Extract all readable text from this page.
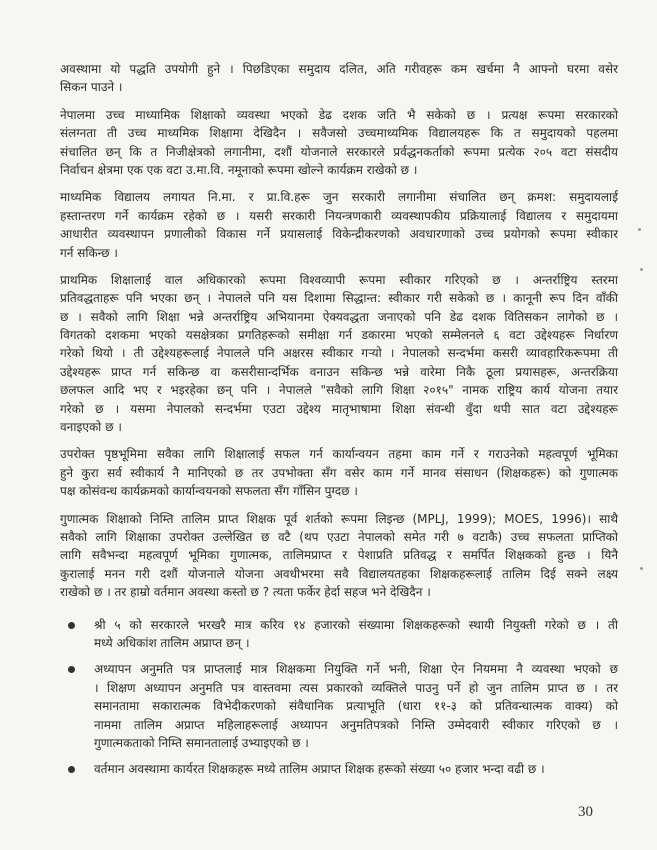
अवस्थामा यो पद्धति उपयोगी हुने । पिछडिएका समुदाय दलित, अति गरीवहरू कम खर्चमा नै आफ्नो घरमा वसेर
सिकन पाउने ।
नेपालमा उच्च माध्यामिक शिक्षाको व्यवस्था भएको डेढ दशक जति भै सकेको छ । प्रत्यक्ष रूपमा सरकारको
संलग्नता ती उच्च माध्यमिक शिक्षामा देखिदैन । सवैजसो उच्चमाध्यमिक विद्यालयहरू कि त समुदायको पहलमा
संचालित छन् कि त निजीक्षेत्रको लगानीमा, दशौं योजनाले सरकारले प्रर्वद्धनकर्ताको रूपमा प्रत्येक २०५ वटा संसदीय
निर्वाचन क्षेत्रमा एक एक वटा उ.मा.वि. नमूनाको रूपमा खोल्ने कार्यक्रम राखेको छ ।
माध्यमिक विद्यालय लगायत नि.मा. र प्रा.वि.हरू जुन सरकारी लगानीमा संचालित छन् क्रमश: समुदायलाई
हस्तान्तरण गर्ने कार्यक्रम रहेको छ । यसरी सरकारी नियन्त्रणकारी व्यवस्थापकीय प्रक्रियालाई विद्यालय र समुदायमा
आधारीत व्यवस्थापन प्रणालीको विकास गर्ने प्रयासलाई विकेन्द्रीकरणको अवधारणाको उच्च प्रयोगको रूपमा स्वीकार
गर्न सकिन्छ ।
प्राथमिक शिक्षालाई वाल अधिकारको रूपमा विश्वव्यापी रूपमा स्वीकार गरिएको छ । अन्तर्राष्ट्रिय स्तरमा
प्रतिवद्धताहरू पनि भएका छन् । नेपालले पनि यस दिशामा सिद्धान्त: स्वीकार गरी सकेको छ । कानूनी रूप दिन वाँकी
छ । सवैको लागि शिक्षा भन्ने अन्तर्राष्ट्रिय अभियानमा ऐक्यवद्धता जनाएको पनि डेढ दशक वितिसकन लागेको छ ।
विगतको दशकमा भएको यसक्षेत्रका प्रगतिहरूको समीक्षा गर्न डकारमा भएको सम्मेलनले ६ वटा उद्देश्यहरू निर्धारण
गरेको थियो । ती उद्देश्यहरूलाई नेपालले पनि अक्षरस स्वीकार गर्‍यो । नेपालको सन्दर्भमा कसरी व्यावहारिकरूपमा ती
उद्देश्यहरू प्राप्त गर्न सकिन्छ वा कसरीसान्दर्भिक वनाउन सकिन्छ भन्ने वारेमा निकै ठूला प्रयासहरू, अन्तरक्रिया
छलफल आदि भए र भइरहेका छन् पनि । नेपालले "सवैको लागि शिक्षा २०१५" नामक राष्ट्रिय कार्य योजना तयार
गरेको छ । यसमा नेपालको सन्दर्भमा एउटा उद्देश्य मातृभाषामा शिक्षा संवन्धी वुँदा थपी सात वटा उद्देश्यहरू
वनाइएको छ ।
उपरोक्त पृष्ठभूमिमा सवैका लागि शिक्षालाई सफल गर्न कार्यान्वयन तहमा काम गर्ने र गराउनेको महत्वपूर्ण भूमिका
हुने कुरा सर्व स्वीकार्य नै मानिएको छ तर उपभोक्ता सँग वसेर काम गर्ने मानव संसाधन (शिक्षकहरू) को गुणात्मक
पक्ष कोसंवन्ध कार्यक्रमको कार्यान्वयनको सफलता सँग गाँसिन पुग्दछ ।
गुणात्मक शिक्षाको निम्ति तालिम प्राप्त शिक्षक पूर्व शर्तको रूपमा लिइन्छ (MPLJ, 1999); MOES, 1996)। साथै
सवैको लागि शिक्षाका उपरोक्त उल्लेखित छ वटै (थप एउटा नेपालको समेत गरी ७ वटाकै) उच्च सफलता प्राप्तिको
लागि सवैभन्दा महत्वपूर्ण भूमिका गुणात्मक, तालिमप्राप्त र पेशाप्रति प्रतिवद्ध र समर्पित शिक्षकको हुन्छ । यिनै
कुरालाई मनन गरी दशौं योजनाले योजना अवधीभरमा सवै विद्यालयतहका शिक्षकहरूलाई तालिम दिई सक्ने लक्ष्य
राखेको छ । तर हाम्रो वर्तमान अवस्था कस्तो छ ? त्यता फर्केर हेर्दा सहज भने देखिदैन ।
श्री ५ को सरकारले भरखरै मात्र करिव १४ हजारको संख्यामा शिक्षकहरूको स्थायी नियुक्ती गरेको छ । ती
मध्ये अधिकांश तालिम अप्राप्त छन् ।
अध्यापन अनुमति पत्र प्राप्तलाई मात्र शिक्षकमा नियुक्ति गर्ने भनी, शिक्षा ऐन नियममा नै व्यवस्था भएको छ
। शिक्षण अध्यापन अनुमति पत्र वास्तवमा त्यस प्रकारको व्यक्तिले पाउनु पर्ने हो जुन तालिम प्राप्त छ । तर
समानतामा सकारात्मक विभेदीकरणको संवैधानिक प्रत्याभूति (धारा ११-३ को प्रतिवन्धात्मक वाक्य) को
नाममा तालिम अप्राप्त महिलाहरूलाई अध्यापन अनुमतिपत्रको निम्ति उम्मेदवारी स्वीकार गरिएको छ ।
गुणात्मकताको निम्ति समानतालाई उभ्याइएको छ ।
वर्तमान अवस्थामा कार्यरत शिक्षकहरू मध्ये तालिम अप्राप्त शिक्षक हरूको संख्या ५० हजार भन्दा वढी छ ।
30
